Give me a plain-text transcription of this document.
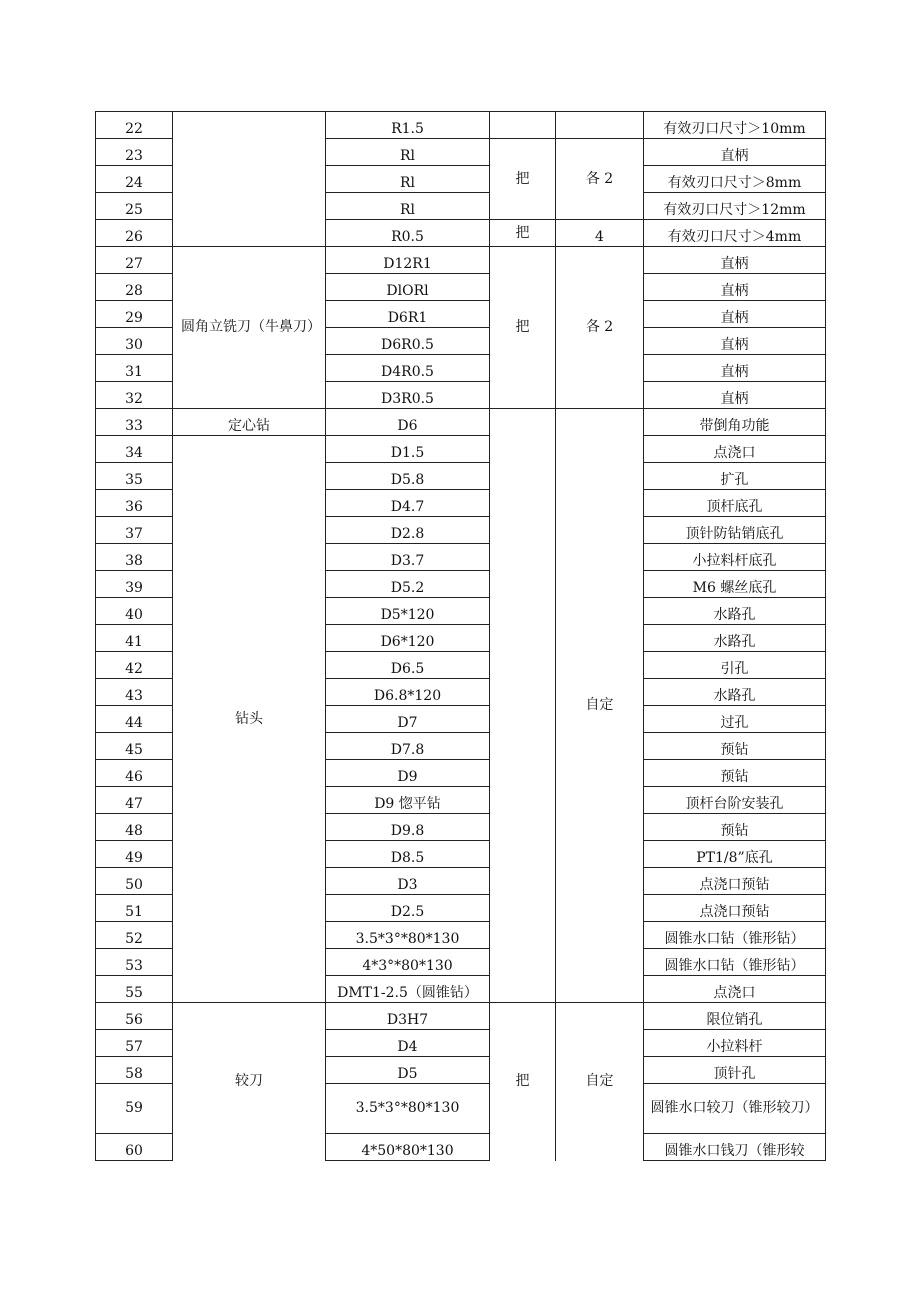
22		R1.5			有效刃口尺寸＞10mm
23		Rl	把	各 2	直柄
24		Rl			有效刃口尺寸＞8mm
25		Rl			有效刃口尺寸＞12mm
26		R0.5	把	4	有效刃口尺寸＞4mm
27	圆角立铣刀（牛鼻刀）	D12R1	把	各 2	直柄
28		DlORl			直柄
29		D6R1			直柄
30		D6R0.5			直柄
31		D4R0.5			直柄
32		D3R0.5			直柄
33	定心钻	D6		自定	带倒角功能
34	钻头	D1.5			点浇口
35		D5.8			扩孔
36		D4.7			顶杆底孔
37		D2.8			顶针防钻销底孔
38		D3.7			小拉料杆底孔
39		D5.2			M6 螺丝底孔
40		D5*120			水路孔
41		D6*120			水路孔
42		D6.5			引孔
43		D6.8*120			水路孔
44		D7			过孔
45		D7.8			预钻
46		D9			预钻
47		D9 惚平钻			顶杆台阶安装孔
48		D9.8			预钻
49		D8.5			PT1/8”底孔
50		D3			点浇口预钻
51		D2.5			点浇口预钻
52		3.5*3°*80*130			圆锥水口钻（锥形钻）
53		4*3°*80*130			圆锥水口钻（锥形钻）
55		DMT1-2.5（圆锥钻）			点浇口
56	较刀	D3H7	把	自定	限位销孔
57		D4			小拉料杆
58		D5			顶针孔
59		3.5*3°*80*130			圆锥水口较刀（锥形较刀）
60		4*50*80*130			圆锥水口钱刀（锥形较
